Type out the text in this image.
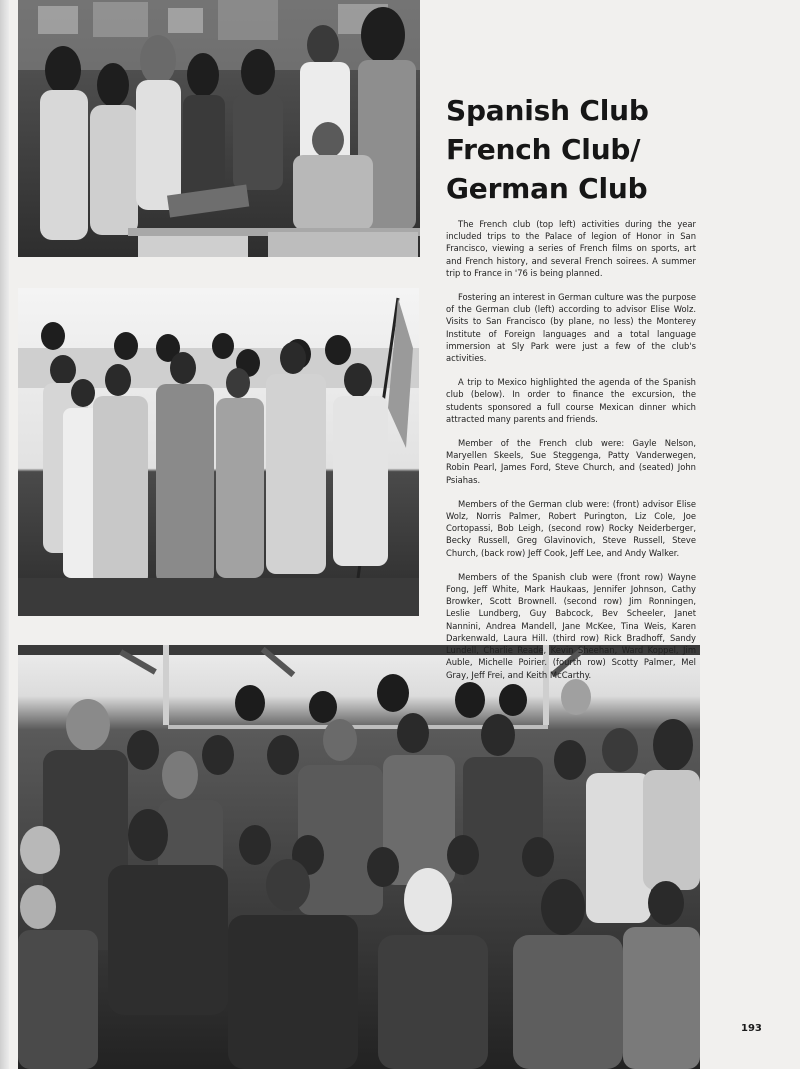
Spanish Club
French Club/
German Club

The French club (top left) activities during the year included trips to the Palace of legion of Honor in San Francisco, viewing a series of French films on sports, art and French history, and several French soirees. A summer trip to France in '76 is being planned.

Fostering an interest in German culture was the purpose of the German club (left) according to advisor Elise Wolz. Visits to San Francisco (by plane, no less) the Monterey Institute of Foreign languages and a total language immersion at Sly Park were just a few of the club's activities.

A trip to Mexico highlighted the agenda of the Spanish club (below). In order to finance the excursion, the students sponsored a full course Mexican dinner which attracted many parents and friends.

Member of the French club were: Gayle Nelson, Maryellen Skeels, Sue Steggenga, Patty Vanderwegen, Robin Pearl, James Ford, Steve Church, and (seated) John Psiahas.

Members of the German club were: (front) advisor Elise Wolz, Norris Palmer, Robert Purington, Liz Cole, Joe Cortopassi, Bob Leigh, (second row) Rocky Neiderberger, Becky Russell, Greg Glavinovich, Steve Russell, Steve Church, (back row) Jeff Cook, Jeff Lee, and Andy Walker.

Members of the Spanish club were (front row) Wayne Fong, Jeff White, Mark Haukaas, Jennifer Johnson, Cathy Browker, Scott Brownell. (second row) Jim Ronningen, Leslie Lundberg, Guy Babcock, Bev Scheeler, Janet Nannini, Andrea Mandell, Jane McKee, Tina Weis, Karen Darkenwald, Laura Hill. (third row) Rick Bradhoff, Sandy Lundell, Charlie Reade, Kevin Sheehan, Ward Koppel, Jim Auble, Michelle Poirier. (fourth row) Scotty Palmer, Mel Gray, Jeff Frei, and Keith McCarthy.

193
